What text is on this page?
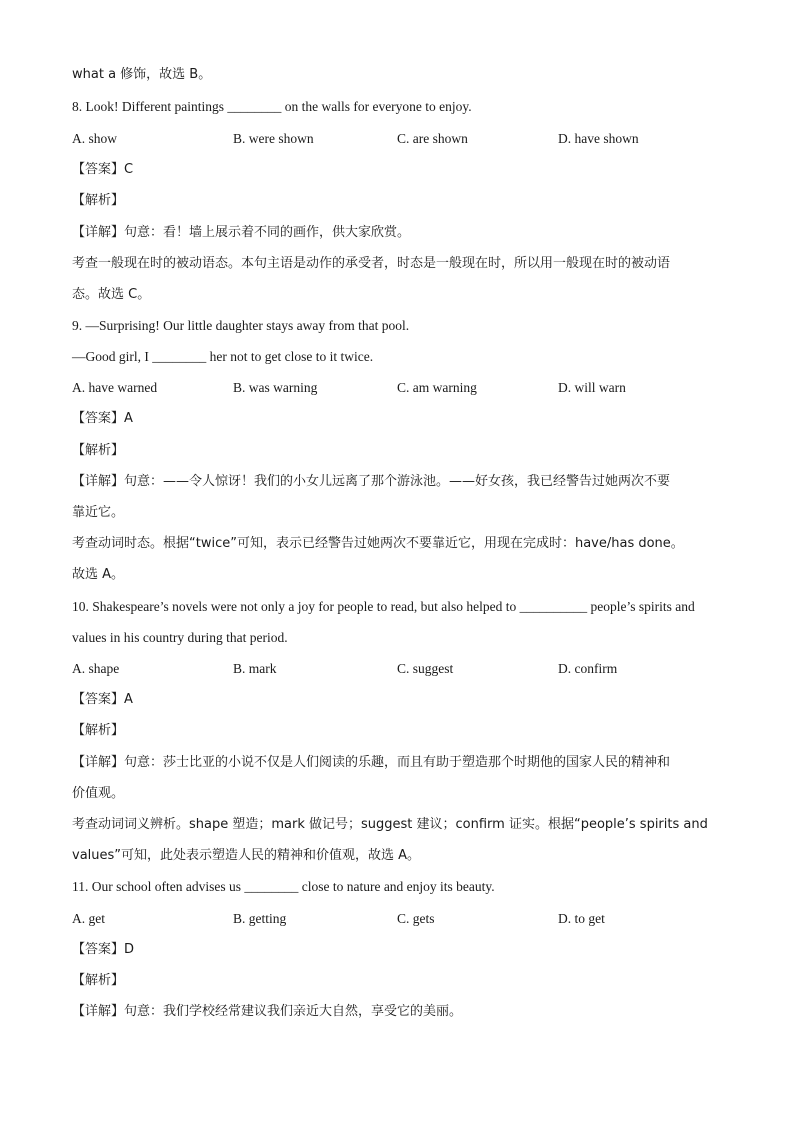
what a 修饰，故选 B。
8. Look! Different paintings ________ on the walls for everyone to enjoy.
A. show	B. were shown	C. are shown	D. have shown
【答案】C
【解析】
【详解】句意：看！墙上展示着不同的画作，供大家欣赏。
考查一般现在时的被动语态。本句主语是动作的承受者，时态是一般现在时，所以用一般现在时的被动语
态。故选 C。
9. —Surprising! Our little daughter stays away from that pool.
—Good girl, I ________ her not to get close to it twice.
A. have warned	B. was warning	C. am warning	D. will warn
【答案】A
【解析】
【详解】句意：——令人惊讶！我们的小女儿远离了那个游泳池。——好女孩，我已经警告过她两次不要
靠近它。
考查动词时态。根据“twice”可知，表示已经警告过她两次不要靠近它，用现在完成时：have/has done。
故选 A。
10. Shakespeare’s novels were not only a joy for people to read, but also helped to __________ people’s spirits and
values in his country during that period.
A. shape	B. mark	C. suggest	D. confirm
【答案】A
【解析】
【详解】句意：莎士比亚的小说不仅是人们阅读的乐趣，而且有助于塑造那个时期他的国家人民的精神和
价值观。
考查动词词义辨析。shape 塑造；mark 做记号；suggest 建议；confirm 证实。根据“people’s spirits and
values”可知，此处表示塑造人民的精神和价值观，故选 A。
11. Our school often advises us ________ close to nature and enjoy its beauty.
A. get	B. getting	C. gets	D. to get
【答案】D
【解析】
【详解】句意：我们学校经常建议我们亲近大自然，享受它的美丽。
